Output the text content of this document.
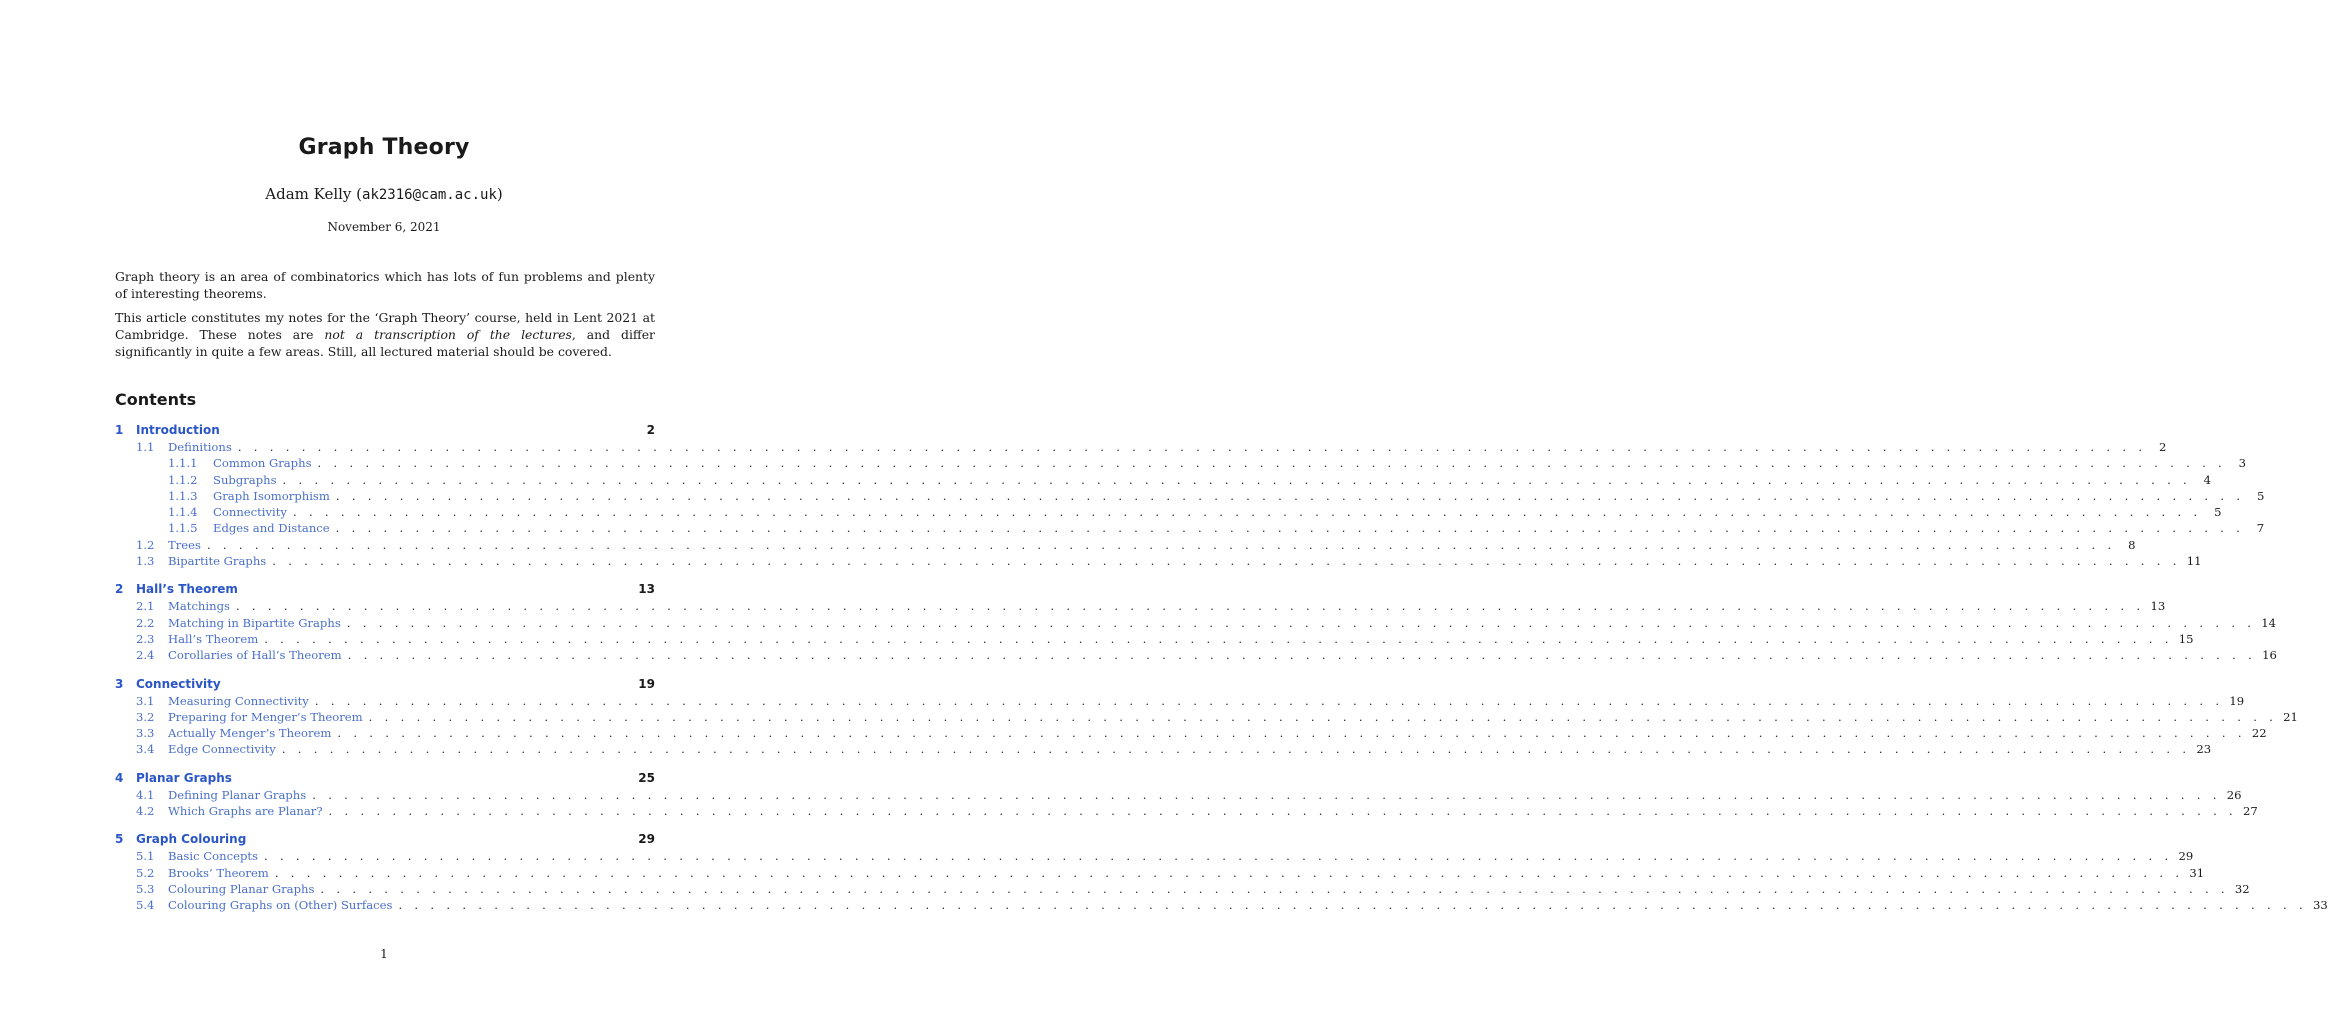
Graph Theory
Adam Kelly (ak2316@cam.ac.uk)
November 6, 2021

Graph theory is an area of combinatorics which has lots of fun problems and plenty of interesting theorems.

This article constitutes my notes for the ‘Graph Theory’ course, held in Lent 2021 at Cambridge. These notes are not a transcription of the lectures, and differ significantly in quite a few areas. Still, all lectured material should be covered.

Contents
1	Introduction	2
1.1	Definitions . . . . . . . . . . . . . . . . . . . . . . . . . . . . . . . . . . . . . . . . . . . . . . . . . . . . . . . . . . . . . . . . . . . . . . . . . . . . . . . . . . . . . . . . . . . . . . . . . . . . . . . . . . . . . . . . . . . . . . . .	2
1.1.1	Common Graphs . . . . . . . . . . . . . . . . . . . . . . . . . . . . . . . . . . . . . . . . . . . . . . . . . . . . . . . . . . . . . . . . . . . . . . . . . . . . . . . . . . . . . . . . . . . . . . . . . . . . . . . . . . . . . . . . . . . . . . . .	3
1.1.2	Subgraphs . . . . . . . . . . . . . . . . . . . . . . . . . . . . . . . . . . . . . . . . . . . . . . . . . . . . . . . . . . . . . . . . . . . . . . . . . . . . . . . . . . . . . . . . . . . . . . . . . . . . . . . . . . . . . . . . . . . . . . . .	4
1.1.3	Graph Isomorphism . . . . . . . . . . . . . . . . . . . . . . . . . . . . . . . . . . . . . . . . . . . . . . . . . . . . . . . . . . . . . . . . . . . . . . . . . . . . . . . . . . . . . . . . . . . . . . . . . . . . . . . . . . . . . . . . . . . . . . . .	5
1.1.4	Connectivity . . . . . . . . . . . . . . . . . . . . . . . . . . . . . . . . . . . . . . . . . . . . . . . . . . . . . . . . . . . . . . . . . . . . . . . . . . . . . . . . . . . . . . . . . . . . . . . . . . . . . . . . . . . . . . . . . . . . . . . .	5
1.1.5	Edges and Distance . . . . . . . . . . . . . . . . . . . . . . . . . . . . . . . . . . . . . . . . . . . . . . . . . . . . . . . . . . . . . . . . . . . . . . . . . . . . . . . . . . . . . . . . . . . . . . . . . . . . . . . . . . . . . . . . . . . . . . . .	7
1.2	Trees . . . . . . . . . . . . . . . . . . . . . . . . . . . . . . . . . . . . . . . . . . . . . . . . . . . . . . . . . . . . . . . . . . . . . . . . . . . . . . . . . . . . . . . . . . . . . . . . . . . . . . . . . . . . . . . . . . . . . . . .	8
1.3	Bipartite Graphs . . . . . . . . . . . . . . . . . . . . . . . . . . . . . . . . . . . . . . . . . . . . . . . . . . . . . . . . . . . . . . . . . . . . . . . . . . . . . . . . . . . . . . . . . . . . . . . . . . . . . . . . . . . . . . . . . . . . . . . . 11
2	Hall’s Theorem	13
2.1	Matchings . . . . . . . . . . . . . . . . . . . . . . . . . . . . . . . . . . . . . . . . . . . . . . . . . . . . . . . . . . . . . . . . . . . . . . . . . . . . . . . . . . . . . . . . . . . . . . . . . . . . . . . . . . . . . . . . . . . . . . . . 13
2.2	Matching in Bipartite Graphs . . . . . . . . . . . . . . . . . . . . . . . . . . . . . . . . . . . . . . . . . . . . . . . . . . . . . . . . . . . . . . . . . . . . . . . . . . . . . . . . . . . . . . . . . . . . . . . . . . . . . . . . . . . . . . . . . . . . . . . . 14
2.3	Hall’s Theorem . . . . . . . . . . . . . . . . . . . . . . . . . . . . . . . . . . . . . . . . . . . . . . . . . . . . . . . . . . . . . . . . . . . . . . . . . . . . . . . . . . . . . . . . . . . . . . . . . . . . . . . . . . . . . . . . . . . . . . . . 15
2.4	Corollaries of Hall’s Theorem . . . . . . . . . . . . . . . . . . . . . . . . . . . . . . . . . . . . . . . . . . . . . . . . . . . . . . . . . . . . . . . . . . . . . . . . . . . . . . . . . . . . . . . . . . . . . . . . . . . . . . . . . . . . . . . . . . . . . . . . 16
3	Connectivity	19
3.1	Measuring Connectivity . . . . . . . . . . . . . . . . . . . . . . . . . . . . . . . . . . . . . . . . . . . . . . . . . . . . . . . . . . . . . . . . . . . . . . . . . . . . . . . . . . . . . . . . . . . . . . . . . . . . . . . . . . . . . . . . . . . . . . . . 19
3.2	Preparing for Menger’s Theorem . . . . . . . . . . . . . . . . . . . . . . . . . . . . . . . . . . . . . . . . . . . . . . . . . . . . . . . . . . . . . . . . . . . . . . . . . . . . . . . . . . . . . . . . . . . . . . . . . . . . . . . . . . . . . . . . . . . . . . . . 21
3.3	Actually Menger’s Theorem . . . . . . . . . . . . . . . . . . . . . . . . . . . . . . . . . . . . . . . . . . . . . . . . . . . . . . . . . . . . . . . . . . . . . . . . . . . . . . . . . . . . . . . . . . . . . . . . . . . . . . . . . . . . . . . . . . . . . . . . 22
3.4	Edge Connectivity . . . . . . . . . . . . . . . . . . . . . . . . . . . . . . . . . . . . . . . . . . . . . . . . . . . . . . . . . . . . . . . . . . . . . . . . . . . . . . . . . . . . . . . . . . . . . . . . . . . . . . . . . . . . . . . . . . . . . . . . 23
4	Planar Graphs	25
4.1	Defining Planar Graphs . . . . . . . . . . . . . . . . . . . . . . . . . . . . . . . . . . . . . . . . . . . . . . . . . . . . . . . . . . . . . . . . . . . . . . . . . . . . . . . . . . . . . . . . . . . . . . . . . . . . . . . . . . . . . . . . . . . . . . . . 26
4.2	Which Graphs are Planar? . . . . . . . . . . . . . . . . . . . . . . . . . . . . . . . . . . . . . . . . . . . . . . . . . . . . . . . . . . . . . . . . . . . . . . . . . . . . . . . . . . . . . . . . . . . . . . . . . . . . . . . . . . . . . . . . . . . . . . . . 27
5	Graph Colouring	29
5.1	Basic Concepts . . . . . . . . . . . . . . . . . . . . . . . . . . . . . . . . . . . . . . . . . . . . . . . . . . . . . . . . . . . . . . . . . . . . . . . . . . . . . . . . . . . . . . . . . . . . . . . . . . . . . . . . . . . . . . . . . . . . . . . . 29
5.2	Brooks’ Theorem . . . . . . . . . . . . . . . . . . . . . . . . . . . . . . . . . . . . . . . . . . . . . . . . . . . . . . . . . . . . . . . . . . . . . . . . . . . . . . . . . . . . . . . . . . . . . . . . . . . . . . . . . . . . . . . . . . . . . . . . 31
5.3	Colouring Planar Graphs . . . . . . . . . . . . . . . . . . . . . . . . . . . . . . . . . . . . . . . . . . . . . . . . . . . . . . . . . . . . . . . . . . . . . . . . . . . . . . . . . . . . . . . . . . . . . . . . . . . . . . . . . . . . . . . . . . . . . . . . 32
5.4	Colouring Graphs on (Other) Surfaces . . . . . . . . . . . . . . . . . . . . . . . . . . . . . . . . . . . . . . . . . . . . . . . . . . . . . . . . . . . . . . . . . . . . . . . . . . . . . . . . . . . . . . . . . . . . . . . . . . . . . . . . . . . . . . . . . . . . . . . . 33
1
